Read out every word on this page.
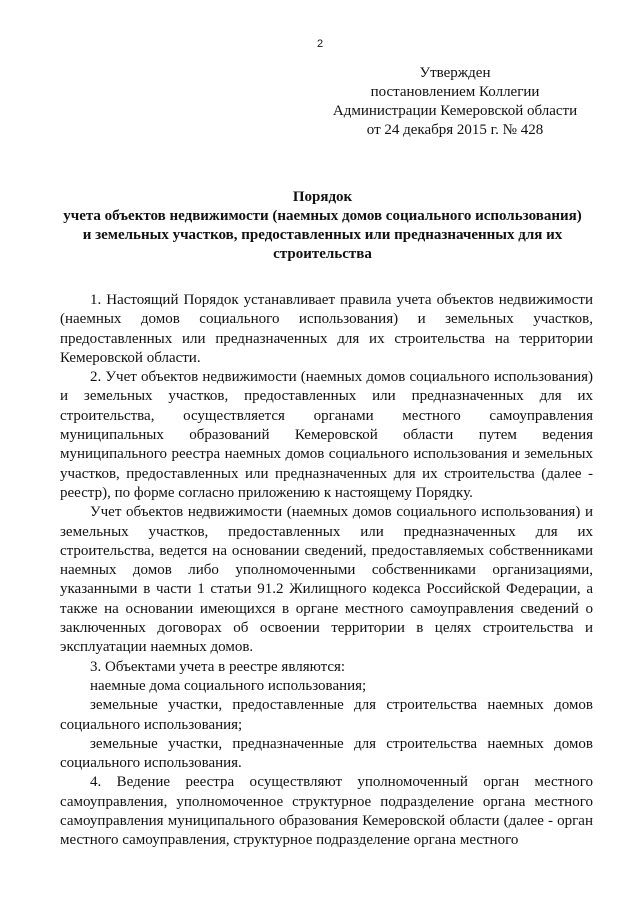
2
Утвержден
постановлением Коллегии
Администрации Кемеровской области
от 24 декабря 2015 г. № 428
Порядок
учета объектов недвижимости (наемных домов социального использования)
и земельных участков, предоставленных или предназначенных для их
строительства

1. Настоящий Порядок устанавливает правила учета объектов недвижимости (наемных домов социального использования) и земельных участков, предоставленных или предназначенных для их строительства на территории Кемеровской области.

2. Учет объектов недвижимости (наемных домов социального использования) и земельных участков, предоставленных или предназначенных для их строительства, осуществляется органами местного самоуправления муниципальных образований Кемеровской области путем ведения муниципального реестра наемных домов социального использования и земельных участков, предоставленных или предназначенных для их строительства (далее - реестр), по форме согласно приложению к настоящему Порядку.

Учет объектов недвижимости (наемных домов социального использования) и земельных участков, предоставленных или предназначенных для их строительства, ведется на основании сведений, предоставляемых собственниками наемных домов либо уполномоченными собственниками организациями, указанными в части 1 статьи 91.2 Жилищного кодекса Российской Федерации, а также на основании имеющихся в органе местного самоуправления сведений о заключенных договорах об освоении территории в целях строительства и эксплуатации наемных домов.

3. Объектами учета в реестре являются:

наемные дома социального использования;

земельные участки, предоставленные для строительства наемных домов социального использования;

земельные участки, предназначенные для строительства наемных домов социального использования.

4. Ведение реестра осуществляют уполномоченный орган местного самоуправления, уполномоченное структурное подразделение органа местного самоуправления муниципального образования Кемеровской области (далее - орган местного самоуправления, структурное подразделение органа местного
